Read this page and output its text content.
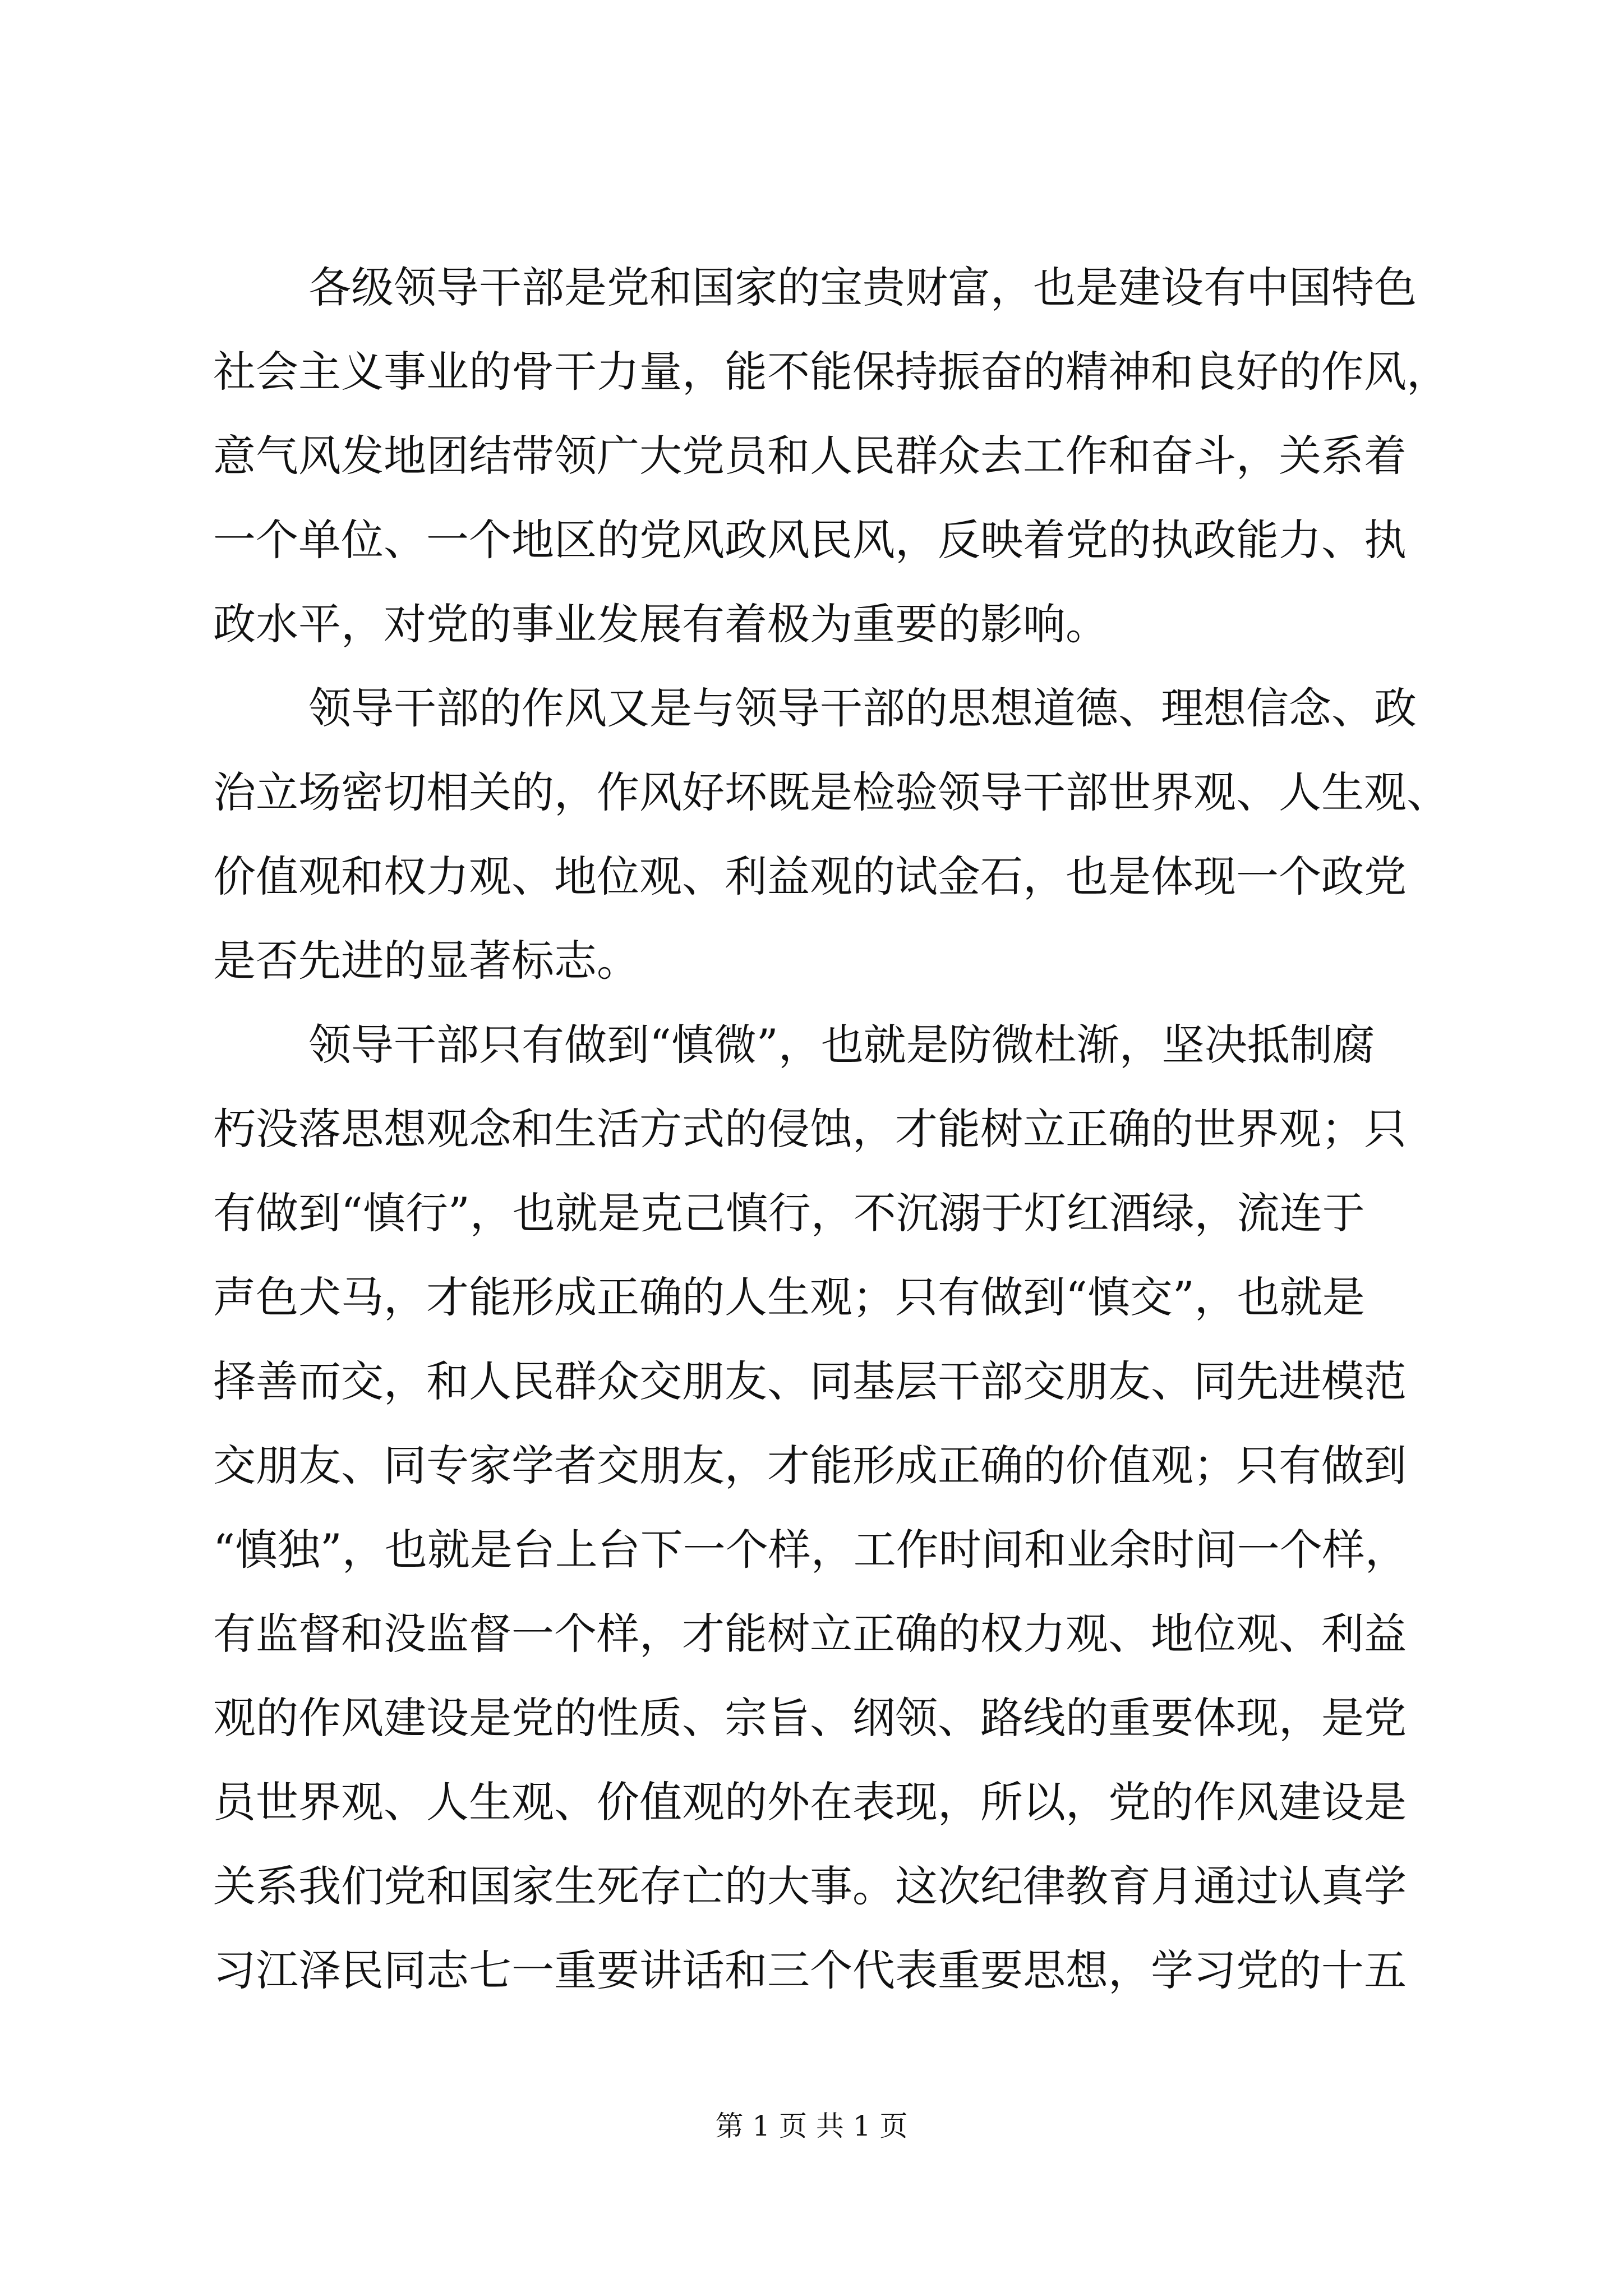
各级领导干部是党和国家的宝贵财富，也是建设有中国特色
社会主义事业的骨干力量，能不能保持振奋的精神和良好的作风，
意气风发地团结带领广大党员和人民群众去工作和奋斗，关系着
一个单位、一个地区的党风政风民风，反映着党的执政能力、执
政水平，对党的事业发展有着极为重要的影响。
领导干部的作风又是与领导干部的思想道德、理想信念、政
治立场密切相关的，作风好坏既是检验领导干部世界观、人生观、
价值观和权力观、地位观、利益观的试金石，也是体现一个政党
是否先进的显著标志。
领导干部只有做到“慎微”，也就是防微杜渐，坚决抵制腐
朽没落思想观念和生活方式的侵蚀，才能树立正确的世界观；只
有做到“慎行”，也就是克己慎行，不沉溺于灯红酒绿，流连于
声色犬马，才能形成正确的人生观；只有做到“慎交”，也就是
择善而交，和人民群众交朋友、同基层干部交朋友、同先进模范
交朋友、同专家学者交朋友，才能形成正确的价值观；只有做到
“慎独”，也就是台上台下一个样，工作时间和业余时间一个样，
有监督和没监督一个样，才能树立正确的权力观、地位观、利益
观的作风建设是党的性质、宗旨、纲领、路线的重要体现，是党
员世界观、人生观、价值观的外在表现，所以，党的作风建设是
关系我们党和国家生死存亡的大事。这次纪律教育月通过认真学
习江泽民同志七一重要讲话和三个代表重要思想，学习党的十五
第 1 页 共 1 页
